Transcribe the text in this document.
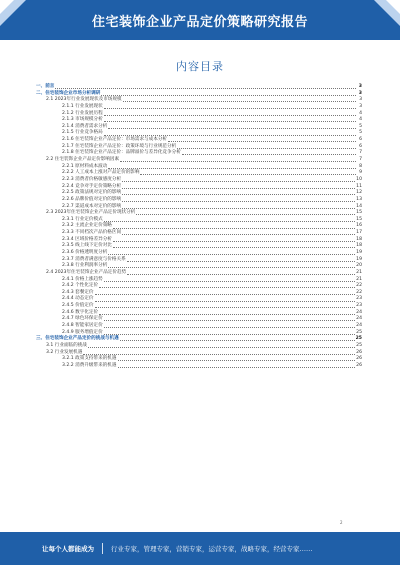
住宅装饰企业产品定价策略研究报告
内容目录
一、前言	3
二、住宅装饰企业市场分析调研	3
2.1 2023年行业发展现状及市场规模	3
2.1.1 行业发展现状	3
2.1.2 行业发展历程	4
2.1.3 市场规模分析	4
2.1.4 消费者需求分析	5
2.1.5 行业竞争格局	5
2.1.6 住宅装饰企业产品定价：市场需求与成本分析	6
2.1.7 住宅装饰企业产品定价：政策环境与行业规范分析	6
2.1.8 住宅装饰企业产品定价：品牌溢价与差异化竞争分析	7
2.2 住宅装饰企业产品定价影响因素	7
2.2.1 原材料成本波动	8
2.2.2 人工成本上涨对产品定价的影响	9
2.2.3 消费者价格敏感度分析	10
2.2.4 竞争对手定价策略分析	11
2.2.5 政策法规对定价的影响	12
2.2.6 品牌价值对定价的影响	13
2.2.7 渠道成本对定价的影响	14
2.3 2023年住宅装饰企业产品定价现状分析	15
2.3.1 行业定价模式	15
2.3.2 主流企业定价策略	16
2.3.3 不同档次产品价格区间	17
2.3.4 区域价格差异分析	18
2.3.5 线上线下定价对比	18
2.3.6 价格透明度分析	19
2.3.7 消费者满意度与价格关系	19
2.3.8 行业利润率分析	20
2.4 2023年住宅装饰企业产品定价趋势	21
2.4.1 价格上涨趋势	21
2.4.2 个性化定价	22
2.4.3 套餐定价	22
2.4.4 动态定价	23
2.4.5 价值定价	23
2.4.6 数字化定价	24
2.4.7 绿色环保定价	24
2.4.8 智能家居定价	24
2.4.9 服务增值定价	25
三、住宅装饰企业产品定价的挑战与机遇	25
3.1 行业面临的挑战	25
3.2 行业发展机遇	26
3.2.1 政策支持带来的机遇	26
3.2.2 消费升级带来的机遇	26
2
让每个人都能成为	行业专家，管理专家，营销专家，运营专家，战略专家，经营专家……
